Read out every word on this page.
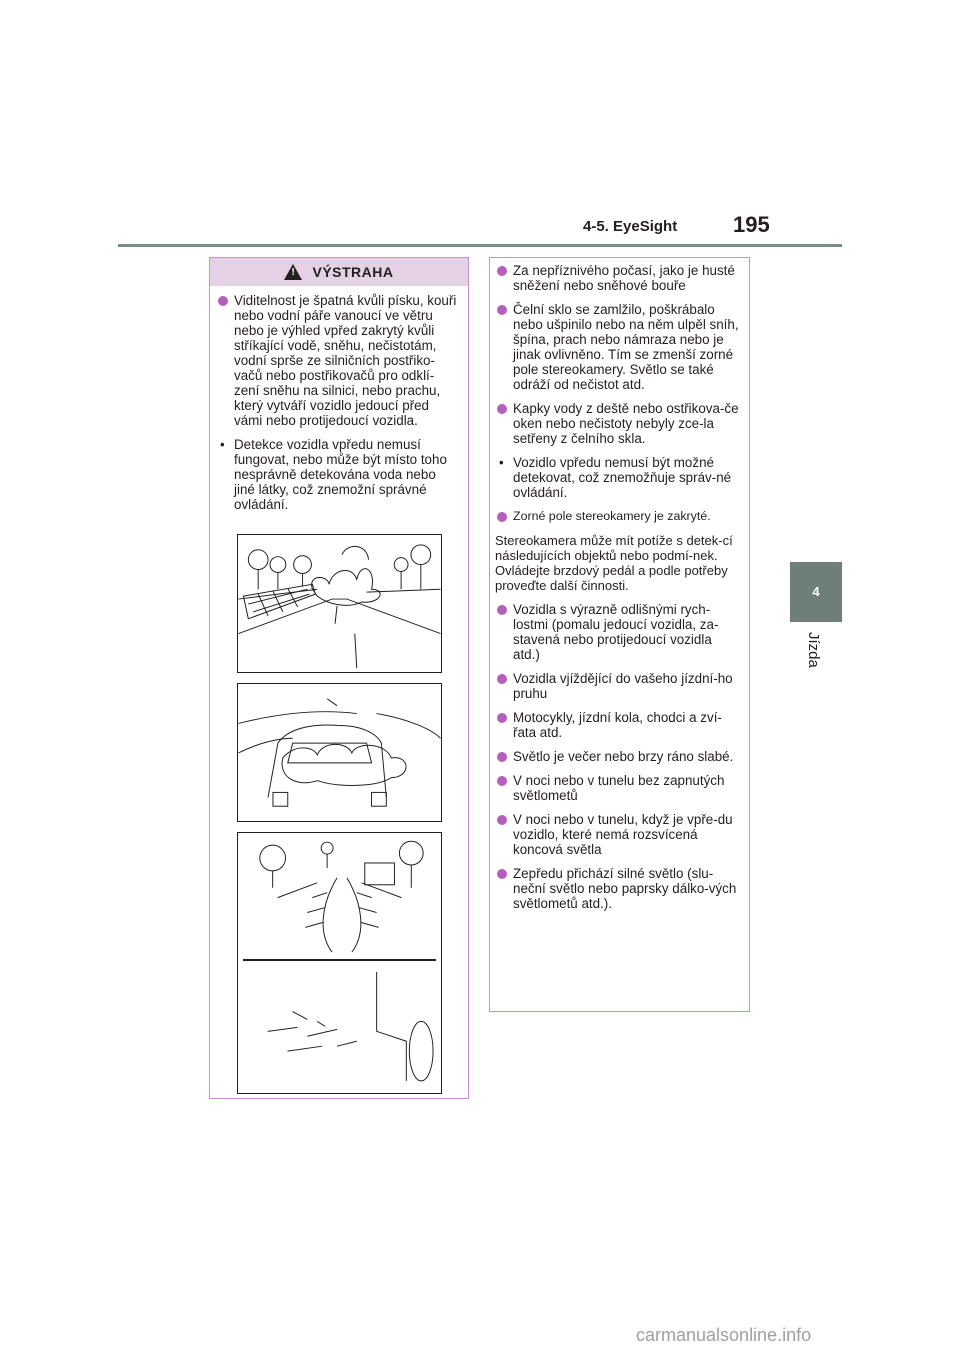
4-5. EyeSight	195
4
Jízda
!
VÝSTRAHA
Viditelnost je špatná kvůli písku, kouři nebo vodní páře vanoucí ve větru nebo je výhled vpřed zakrytý kvůli stříkající vodě, sněhu, nečistotám, vodní sprše ze silničních postřiko-vačů nebo postřikovačů pro odklí-zení sněhu na silnici, nebo prachu, který vytváří vozidlo jedoucí před vámi nebo protijedoucí vozidla.
• Detekce vozidla vpředu nemusí fungovat, nebo může být místo toho nesprávně detekována voda nebo jiné látky, což znemožní správné ovládání.
Za nepříznivého počasí, jako je husté sněžení nebo sněhové bouře
Čelní sklo se zamlžilo, poškrábalo nebo ušpinilo nebo na něm ulpěl sníh, špína, prach nebo námraza nebo je jinak ovlivněno. Tím se zmenší zorné pole stereokamery. Světlo se také odráží od nečistot atd.
Kapky vody z deště nebo ostřikova-če oken nebo nečistoty nebyly zce-la setřeny z čelního skla.
• Vozidlo vpředu nemusí být možné detekovat, což znemožňuje správ-né ovládání.
Zorné pole stereokamery je zakryté.
Stereokamera může mít potíže s detek-cí následujících objektů nebo podmí-nek. Ovládejte brzdový pedál a podle potřeby proveďte další činnosti.
Vozidla s výrazně odlišnými rych-lostmi (pomalu jedoucí vozidla, za-stavená nebo protijedoucí vozidla atd.)
Vozidla vjíždějící do vašeho jízdní-ho pruhu
Motocykly, jízdní kola, chodci a zví-řata atd.
Světlo je večer nebo brzy ráno slabé.
V noci nebo v tunelu bez zapnutých světlometů
V noci nebo v tunelu, když je vpře-du vozidlo, které nemá rozsvícená koncová světla
Zepředu přichází silné světlo (slu-neční světlo nebo paprsky dálko-vých světlometů atd.).
carmanualsonline.info
